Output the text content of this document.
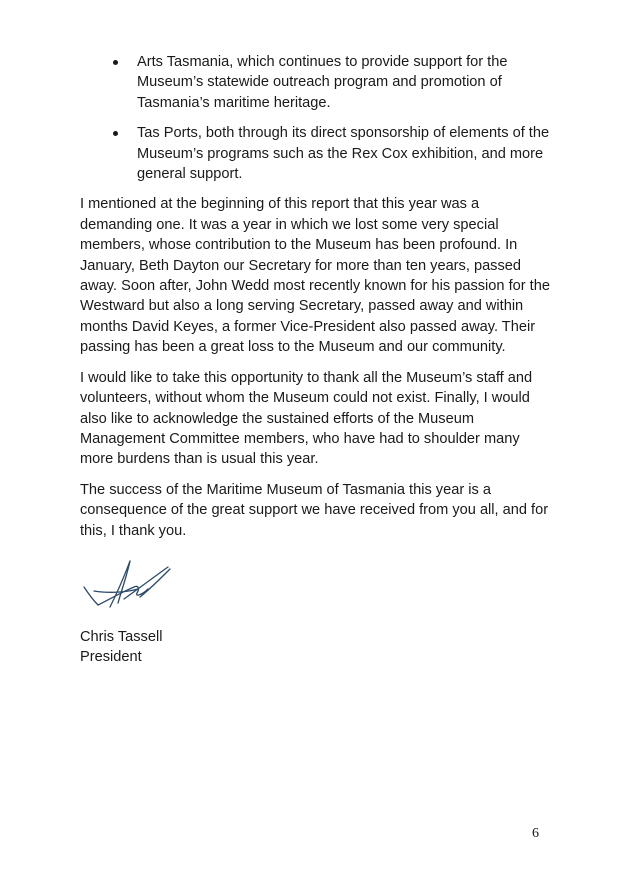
Arts Tasmania, which continues to provide support for the Museum’s statewide outreach program and promotion of Tasmania’s maritime heritage.
Tas Ports, both through its direct sponsorship of elements of the Museum’s programs such as the Rex Cox exhibition, and more general support.

I mentioned at the beginning of this report that this year was a demanding one. It was a year in which we lost some very special members, whose contribution to the Museum has been profound. In January, Beth Dayton our Secretary for more than ten years, passed away. Soon after, John Wedd most recently known for his passion for the Westward but also a long serving Secretary, passed away and within months David Keyes, a former Vice-President also passed away. Their passing has been a great loss to the Museum and our community.

I would like to take this opportunity to thank all the Museum’s staff and volunteers, without whom the Museum could not exist. Finally, I would also like to acknowledge the sustained efforts of the Museum Management Committee members, who have had to shoulder many more burdens than is usual this year.

The success of the Maritime Museum of Tasmania this year is a consequence of the great support we have received from you all, and for this, I thank you.

Chris Tassell
President
6
